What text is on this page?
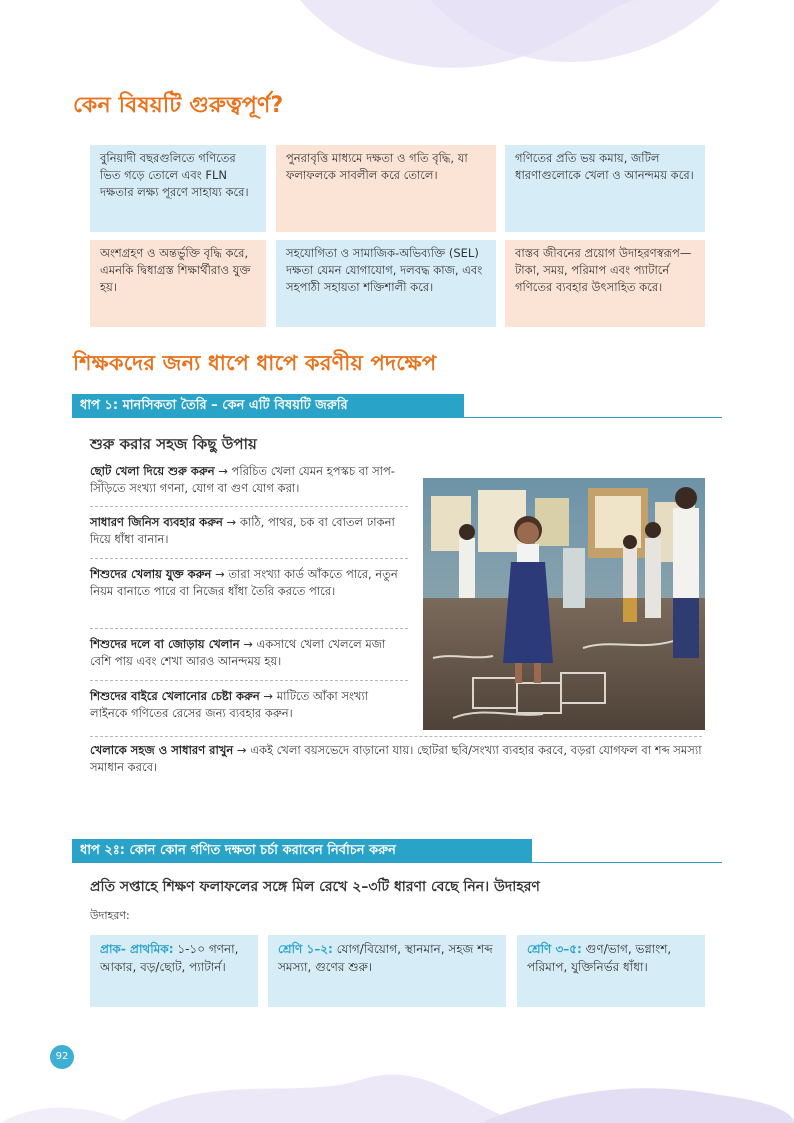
কেন বিষয়টি গুরুত্বপূর্ণ?
বুনিয়াদী বছরগুলিতে গণিতের ভিত গড়ে তোলে এবং FLN দক্ষতার লক্ষ্য পূরণে সাহায্য করে।
পুনরাবৃত্তি মাধ্যমে দক্ষতা ও গতি বৃদ্ধি, যা ফলাফলকে সাবলীল করে তোলে।
গণিতের প্রতি ভয় কমায়, জটিল ধারণাগুলোকে খেলা ও আনন্দময় করে।
অংশগ্রহণ ও অন্তর্ভুক্তি বৃদ্ধি করে, এমনকি দ্বিধাগ্রস্ত শিক্ষার্থীরাও যুক্ত হয়।
সহযোগিতা ও সামাজিক-অভিব্যক্তি (SEL) দক্ষতা যেমন যোগাযোগ, দলবদ্ধ কাজ, এবং সহপাঠী সহায়তা শক্তিশালী করে।
বাস্তব জীবনের প্রয়োগ উদাহরণস্বরূপ—টাকা, সময়, পরিমাপ এবং প্যাটার্নে গণিতের ব্যবহার উৎসাহিত করে।
শিক্ষকদের জন্য ধাপে ধাপে করণীয় পদক্ষেপ
ধাপ ১: মানসিকতা তৈরি – কেন এটি বিষয়টি জরুরি
শুরু করার সহজ কিছু উপায়
ছোট খেলা দিয়ে শুরু করুন → পরিচিত খেলা যেমন হপস্কচ বা সাপ-সিঁড়িতে সংখ্যা গণনা, যোগ বা গুণ যোগ করা।
সাধারণ জিনিস ব্যবহার করুন → কাঠি, পাথর, চক বা বোতল ঢাকনা দিয়ে ধাঁধা বানান।
শিশুদের খেলায় যুক্ত করুন → তারা সংখ্যা কার্ড আঁকতে পারে, নতুন নিয়ম বানাতে পারে বা নিজের ধাঁধা তৈরি করতে পারে।
শিশুদের দলে বা জোড়ায় খেলান → একসাথে খেলা খেললে মজা বেশি পায় এবং শেখা আরও আনন্দময় হয়।
শিশুদের বাইরে খেলানোর চেষ্টা করুন → মাটিতে আঁকা সংখ্যা লাইনকে গণিতের রেসের জন্য ব্যবহার করুন।
খেলাকে সহজ ও সাধারণ রাখুন → একই খেলা বয়সভেদে বাড়ানো যায়। ছোটরা ছবি/সংখ্যা ব্যবহার করবে, বড়রা যোগফল বা শব্দ সমস্যা সমাধান করবে।
ধাপ ২ঃ: কোন কোন গণিত দক্ষতা চর্চা করাবেন নির্বাচন করুন
প্রতি সপ্তাহে শিক্ষণ ফলাফলের সঙ্গে মিল রেখে ২–৩টি ধারণা বেছে নিন। উদাহরণ
উদাহরণ:
প্রাক- প্রাথমিক: ১-১০ গণনা, আকার, বড়/ছোট, প্যাটার্ন।
শ্রেণি ১–২: যোগ/বিয়োগ, স্থানমান, সহজ শব্দ সমস্যা, গুণের শুরু।
শ্রেণি ৩–৫: গুণ/ভাগ, ভগ্নাংশ, পরিমাপ, যুক্তিনির্ভর ধাঁধা।
92
